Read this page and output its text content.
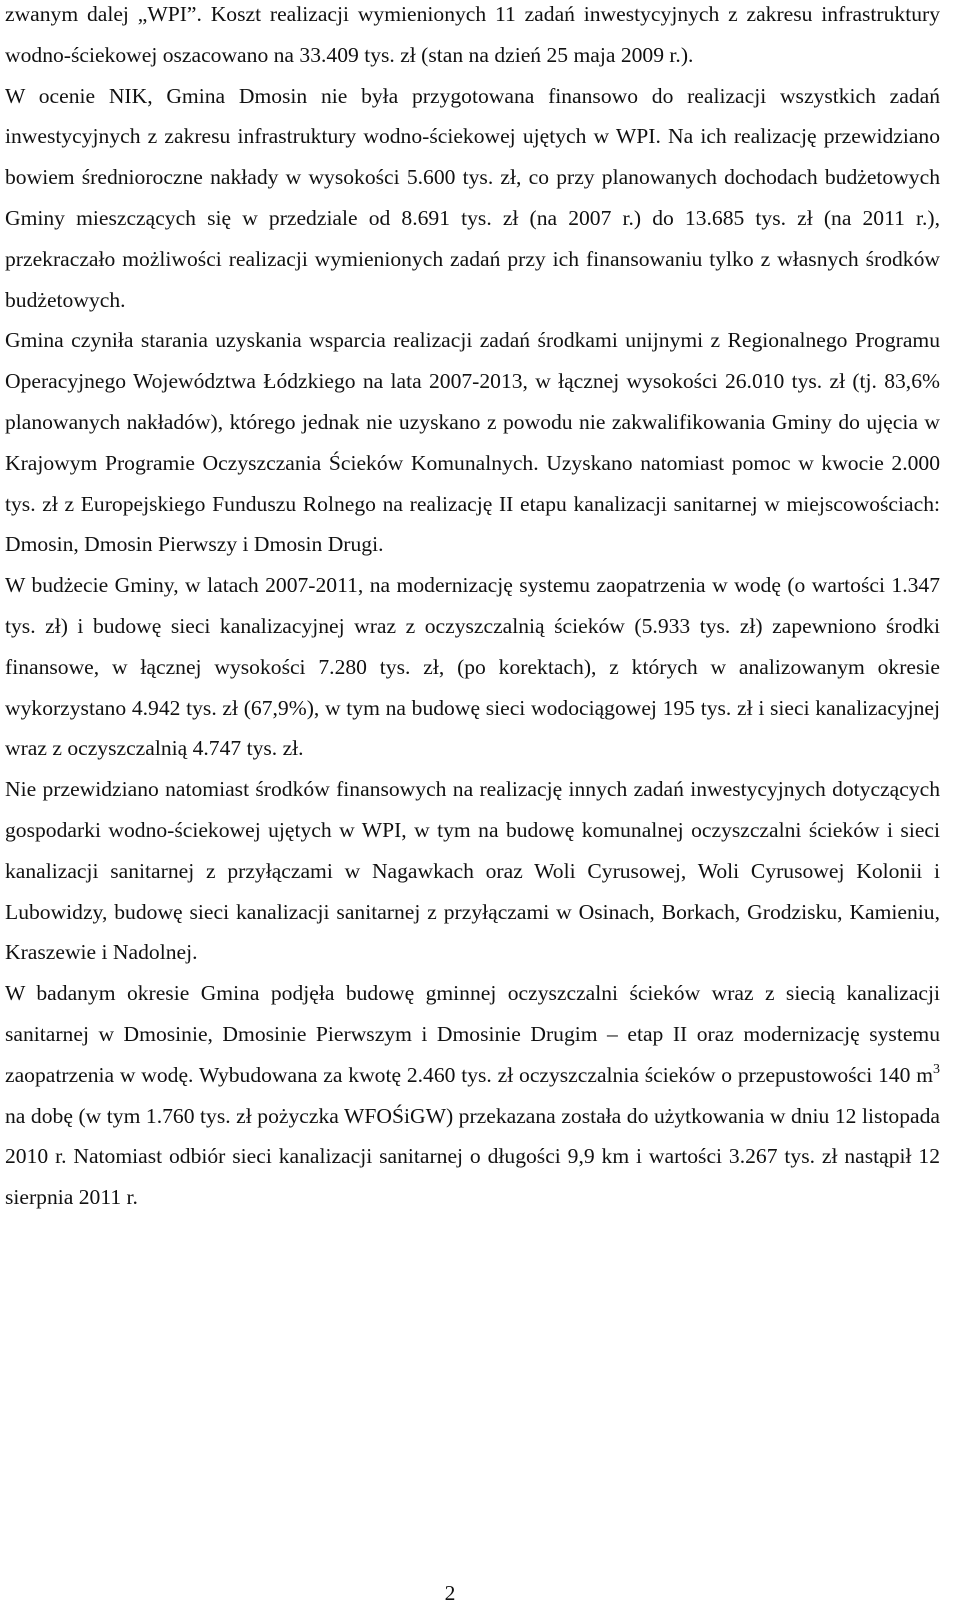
zwanym dalej „WPI”. Koszt realizacji wymienionych 11 zadań inwestycyjnych z zakresu infrastruktury wodno-ściekowej oszacowano na 33.409 tys. zł (stan na dzień 25 maja 2009 r.).

W ocenie NIK, Gmina Dmosin nie była przygotowana finansowo do realizacji wszystkich zadań inwestycyjnych z zakresu infrastruktury wodno-ściekowej ujętych w WPI. Na ich realizację przewidziano bowiem średnioroczne nakłady w wysokości 5.600 tys. zł, co przy planowanych dochodach budżetowych Gminy mieszczących się w przedziale od 8.691 tys. zł (na 2007 r.) do 13.685 tys. zł (na 2011 r.), przekraczało możliwości realizacji wymienionych zadań przy ich finansowaniu tylko z własnych środków budżetowych.

Gmina czyniła starania uzyskania wsparcia realizacji zadań środkami unijnymi z Regionalnego Programu Operacyjnego Województwa Łódzkiego na lata 2007-2013, w łącznej wysokości 26.010 tys. zł (tj. 83,6% planowanych nakładów), którego jednak nie uzyskano z powodu nie zakwalifikowania Gminy do ujęcia w Krajowym Programie Oczyszczania Ścieków Komunalnych. Uzyskano natomiast pomoc w kwocie 2.000 tys. zł z Europejskiego Funduszu Rolnego na realizację II etapu kanalizacji sanitarnej w miejscowościach: Dmosin, Dmosin Pierwszy i Dmosin Drugi.

W budżecie Gminy, w latach 2007-2011, na modernizację systemu zaopatrzenia w wodę (o wartości 1.347 tys. zł) i budowę sieci kanalizacyjnej wraz z oczyszczalnią ścieków (5.933 tys. zł) zapewniono środki finansowe, w łącznej wysokości 7.280 tys. zł, (po korektach), z których w analizowanym okresie wykorzystano 4.942 tys. zł (67,9%), w tym na budowę sieci wodociągowej 195 tys. zł i sieci kanalizacyjnej wraz z oczyszczalnią 4.747 tys. zł.

Nie przewidziano natomiast środków finansowych na realizację innych zadań inwestycyjnych dotyczących gospodarki wodno-ściekowej ujętych w WPI, w tym na budowę komunalnej oczyszczalni ścieków i sieci kanalizacji sanitarnej z przyłączami w Nagawkach oraz Woli Cyrusowej, Woli Cyrusowej Kolonii i Lubowidzy, budowę sieci kanalizacji sanitarnej z przyłączami w Osinach, Borkach, Grodzisku, Kamieniu, Kraszewie i Nadolnej.

W badanym okresie Gmina podjęła budowę gminnej oczyszczalni ścieków wraz z siecią kanalizacji sanitarnej w Dmosinie, Dmosinie Pierwszym i Dmosinie Drugim – etap II oraz modernizację systemu zaopatrzenia w wodę. Wybudowana za kwotę 2.460 tys. zł oczyszczalnia ścieków o przepustowości 140 $m^3$ na dobę (w tym 1.760 tys. zł pożyczka WFOŚiGW) przekazana została do użytkowania w dniu 12 listopada 2010 r. Natomiast odbiór sieci kanalizacji sanitarnej o długości 9,9 km i wartości 3.267 tys. zł nastąpił 12 sierpnia 2011 r.

2
